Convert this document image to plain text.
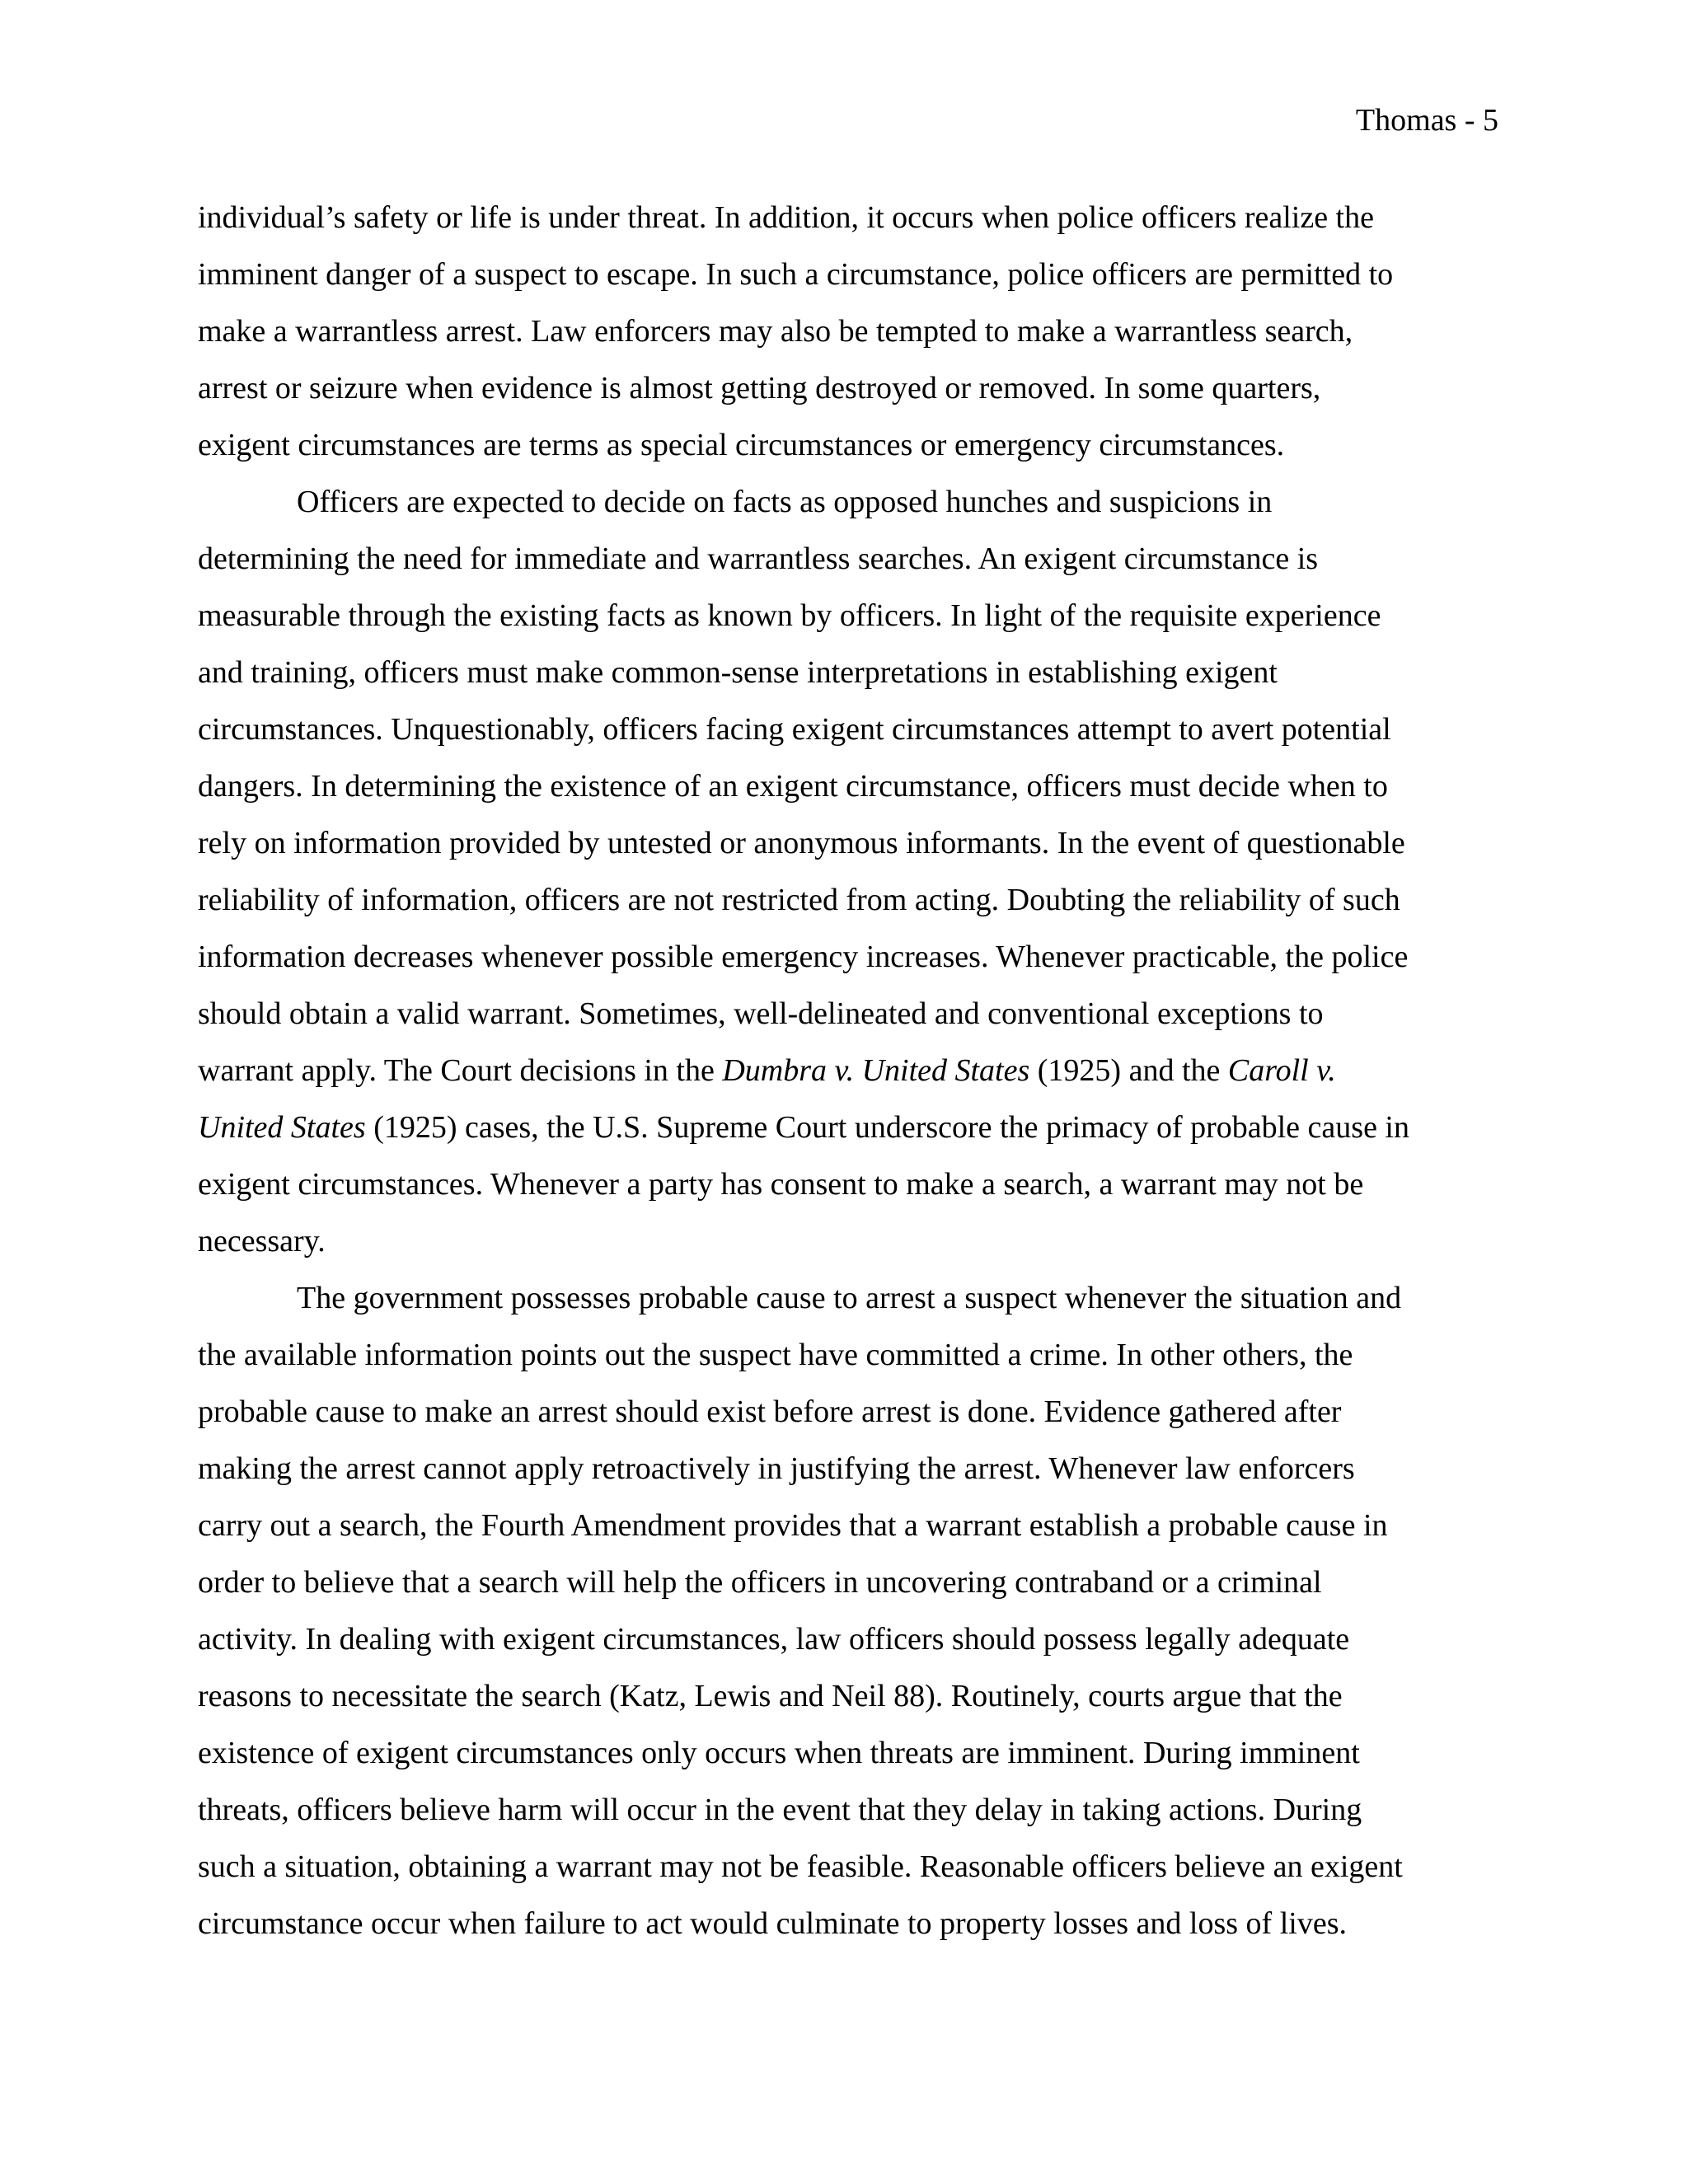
Thomas - 5
individual’s safety or life is under threat. In addition, it occurs when police officers realize the
imminent danger of a suspect to escape. In such a circumstance, police officers are permitted to
make a warrantless arrest. Law enforcers may also be tempted to make a warrantless search,
arrest or seizure when evidence is almost getting destroyed or removed. In some quarters,
exigent circumstances are terms as special circumstances or emergency circumstances.
Officers are expected to decide on facts as opposed hunches and suspicions in
determining the need for immediate and warrantless searches. An exigent circumstance is
measurable through the existing facts as known by officers. In light of the requisite experience
and training, officers must make common-sense interpretations in establishing exigent
circumstances. Unquestionably, officers facing exigent circumstances attempt to avert potential
dangers. In determining the existence of an exigent circumstance, officers must decide when to
rely on information provided by untested or anonymous informants. In the event of questionable
reliability of information, officers are not restricted from acting. Doubting the reliability of such
information decreases whenever possible emergency increases. Whenever practicable, the police
should obtain a valid warrant. Sometimes, well-delineated and conventional exceptions to
warrant apply. The Court decisions in the Dumbra v. United States (1925) and the Caroll v.
United States (1925) cases, the U.S. Supreme Court underscore the primacy of probable cause in
exigent circumstances. Whenever a party has consent to make a search, a warrant may not be
necessary.
The government possesses probable cause to arrest a suspect whenever the situation and
the available information points out the suspect have committed a crime. In other others, the
probable cause to make an arrest should exist before arrest is done. Evidence gathered after
making the arrest cannot apply retroactively in justifying the arrest. Whenever law enforcers
carry out a search, the Fourth Amendment provides that a warrant establish a probable cause in
order to believe that a search will help the officers in uncovering contraband or a criminal
activity. In dealing with exigent circumstances, law officers should possess legally adequate
reasons to necessitate the search (Katz, Lewis and Neil 88). Routinely, courts argue that the
existence of exigent circumstances only occurs when threats are imminent. During imminent
threats, officers believe harm will occur in the event that they delay in taking actions. During
such a situation, obtaining a warrant may not be feasible. Reasonable officers believe an exigent
circumstance occur when failure to act would culminate to property losses and loss of lives.
